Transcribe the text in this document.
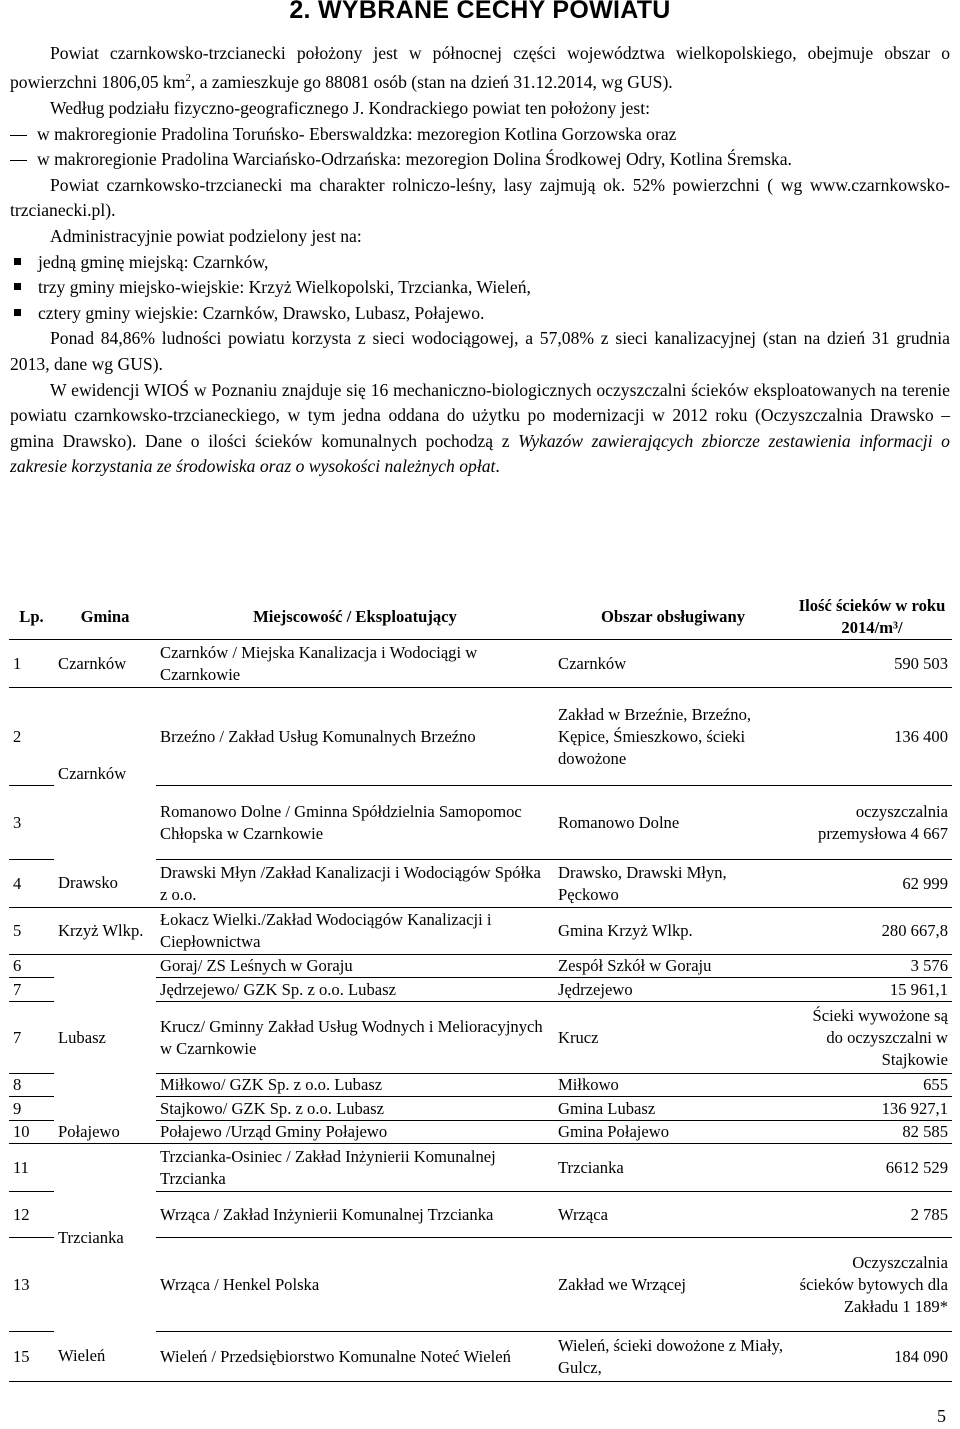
2. WYBRANE CECHY POWIATU

Powiat czarnkowsko-trzcianecki położony jest w północnej części województwa wielkopolskiego, obejmuje obszar o powierzchni 1806,05 $km^2$, a zamieszkuje go 88081 osób (stan na dzień 31.12.2014, wg GUS).

Według podziału fizyczno-geograficznego J. Kondrackiego powiat ten położony jest:

w makroregionie Pradolina Toruńsko- Eberswaldzka: mezoregion Kotlina Gorzowska oraz
w makroregionie Pradolina Warciańsko-Odrzańska: mezoregion Dolina Środkowej Odry, Kotlina Śremska.

Powiat czarnkowsko-trzcianecki ma charakter rolniczo-leśny, lasy zajmują ok. 52% powierzchni ( wg www.czarnkowsko-trzcianecki.pl).

Administracyjnie powiat podzielony jest na:

jedną gminę miejską: Czarnków,
trzy gminy miejsko-wiejskie: Krzyż Wielkopolski, Trzcianka, Wieleń,
cztery gminy wiejskie: Czarnków, Drawsko, Lubasz, Połajewo.

Ponad 84,86% ludności powiatu korzysta z sieci wodociągowej, a 57,08% z sieci kanalizacyjnej (stan na dzień 31 grudnia 2013, dane wg GUS).

W ewidencji WIOŚ w Poznaniu znajduje się 16 mechaniczno-biologicznych oczyszczalni ścieków eksploatowanych na terenie powiatu czarnkowsko-trzcianeckiego, w tym jedna oddana do użytku po modernizacji w 2012 roku (Oczyszczalnia Drawsko – gmina Drawsko). Dane o ilości ścieków komunalnych pochodzą z Wykazów zawierających zbiorcze zestawienia informacji o zakresie korzystania ze środowiska oraz o wysokości należnych opłat.

Lp.	Gmina	Miejscowość / Eksploatujący	Obszar obsługiwany	Ilość ścieków w roku 2014/m³/
1	Czarnków	Czarnków / Miejska Kanalizacja i Wodociągi w Czarnkowie	Czarnków	590 503
2	Czarnków	Brzeźno / Zakład Usług Komunalnych Brzeźno	Zakład w Brzeźnie, Brzeźno, Kępice, Śmieszkowo, ścieki dowożone	136 400
3		Romanowo Dolne / Gminna Spółdzielnia Samopomoc Chłopska w Czarnkowie	Romanowo Dolne	oczyszczalnia przemysłowa 4 667
4	Drawsko	Drawski Młyn /Zakład Kanalizacji i Wodociągów Spółka z o.o.	Drawsko, Drawski Młyn, Pęckowo	62 999
5	Krzyż Wlkp.	Łokacz Wielki./Zakład Wodociągów Kanalizacji i Ciepłownictwa	Gmina Krzyż Wlkp.	280 667,8
6	Lubasz	Goraj/ ZS Leśnych w Goraju	Zespół Szkół w Goraju	3 576
7		Jędrzejewo/ GZK Sp. z o.o. Lubasz	Jędrzejewo	15 961,1
7		Krucz/ Gminny Zakład Usług Wodnych i Melioracyjnych w Czarnkowie	Krucz	Ścieki wywożone są do oczyszczalni w Stajkowie
8		Miłkowo/ GZK Sp. z o.o. Lubasz	Miłkowo	655
9		Stajkowo/ GZK Sp. z o.o. Lubasz	Gmina Lubasz	136 927,1
10	Połajewo	Połajewo /Urząd Gminy Połajewo	Gmina Połajewo	82 585
11	Trzcianka	Trzcianka-Osiniec / Zakład Inżynierii Komunalnej Trzcianka	Trzcianka	6612 529
12		Wrząca / Zakład Inżynierii Komunalnej Trzcianka	Wrząca	2 785
13		Wrząca / Henkel Polska	Zakład we Wrzącej	Oczyszczalnia ścieków bytowych dla Zakładu 1 189*
15	Wieleń	Wieleń / Przedsiębiorstwo Komunalne Noteć Wieleń	Wieleń, ścieki dowożone z Miały, Gulcz,	184 090
5
